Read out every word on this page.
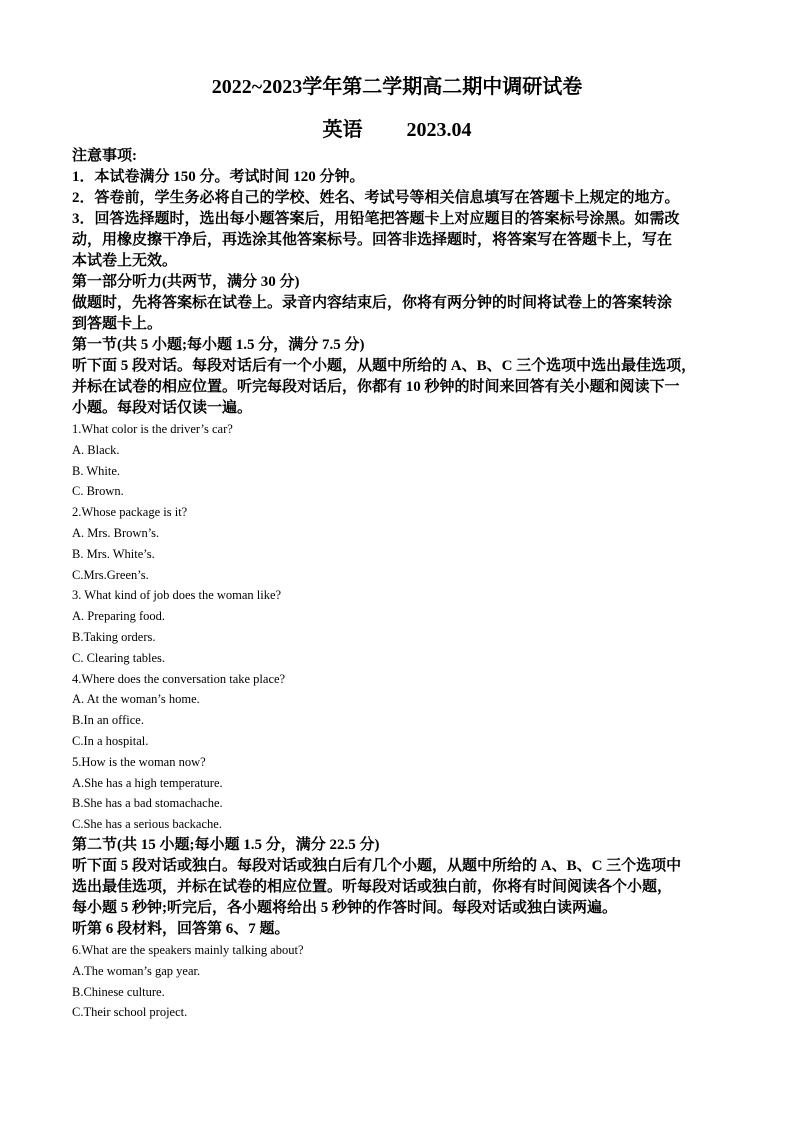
2022~2023学年第二学期高二期中调研试卷
英语 2023.04

注意事项:

1．本试卷满分 150 分。考试时间 120 分钟。

2．答卷前，学生务必将自己的学校、姓名、考试号等相关信息填写在答题卡上规定的地方。

3．回答选择题时，选出每小题答案后，用铅笔把答题卡上对应题目的答案标号涂黑。如需改

动，用橡皮擦干净后，再选涂其他答案标号。回答非选择题时，将答案写在答题卡上，写在

本试卷上无效。

第一部分听力(共两节，满分 30 分)

做题时，先将答案标在试卷上。录音内容结束后，你将有两分钟的时间将试卷上的答案转涂

到答题卡上。

第一节(共 5 小题;每小题 1.5 分，满分 7.5 分)

听下面 5 段对话。每段对话后有一个小题，从题中所给的 A、B、C 三个选项中选出最佳选项，

并标在试卷的相应位置。听完每段对话后，你都有 10 秒钟的时间来回答有关小题和阅读下一

小题。每段对话仅读一遍。

1.What color is the driver’s car?

A. Black.

B. White.

C. Brown.

2.Whose package is it?

A. Mrs. Brown’s.

B. Mrs. White’s.

C.Mrs.Green’s.

3. What kind of job does the woman like?

A. Preparing food.

B.Taking orders.

C. Clearing tables.

4.Where does the conversation take place?

A. At the woman’s home.

B.In an office.

C.In a hospital.

5.How is the woman now?

A.She has a high temperature.

B.She has a bad stomachache.

C.She has a serious backache.

第二节(共 15 小题;每小题 1.5 分，满分 22.5 分)

听下面 5 段对话或独白。每段对话或独白后有几个小题，从题中所给的 A、B、C 三个选项中

选出最佳选项，并标在试卷的相应位置。听每段对话或独白前，你将有时间阅读各个小题，

每小题 5 秒钟;听完后，各小题将给出 5 秒钟的作答时间。每段对话或独白读两遍。

听第 6 段材料，回答第 6、7 题。

6.What are the speakers mainly talking about?

A.The woman’s gap year.

B.Chinese culture.

C.Their school project.
